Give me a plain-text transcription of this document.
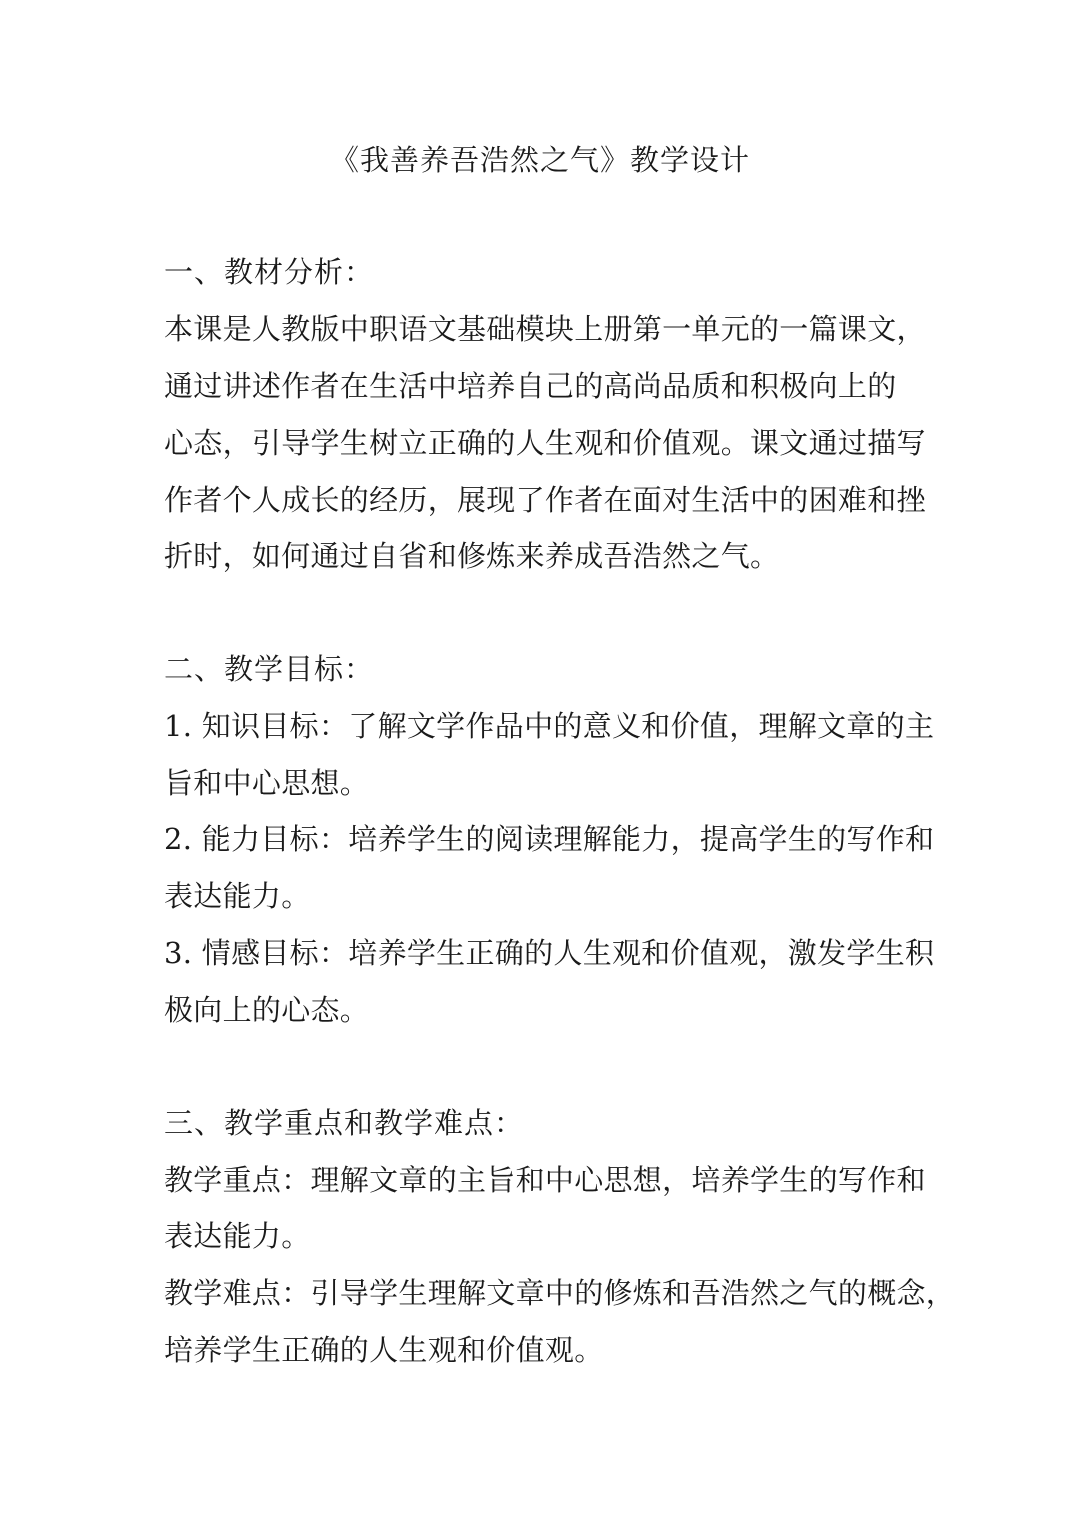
《我善养吾浩然之气》教学设计

一、教材分析：

本课是人教版中职语文基础模块上册第一单元的一篇课文，

通过讲述作者在生活中培养自己的高尚品质和积极向上的

心态，引导学生树立正确的人生观和价值观。课文通过描写

作者个人成长的经历，展现了作者在面对生活中的困难和挫

折时，如何通过自省和修炼来养成吾浩然之气。

二、教学目标：

1. 知识目标：了解文学作品中的意义和价值，理解文章的主

旨和中心思想。

2. 能力目标：培养学生的阅读理解能力，提高学生的写作和

表达能力。

3. 情感目标：培养学生正确的人生观和价值观，激发学生积

极向上的心态。

三、教学重点和教学难点：

教学重点：理解文章的主旨和中心思想，培养学生的写作和

表达能力。

教学难点：引导学生理解文章中的修炼和吾浩然之气的概念，

培养学生正确的人生观和价值观。
